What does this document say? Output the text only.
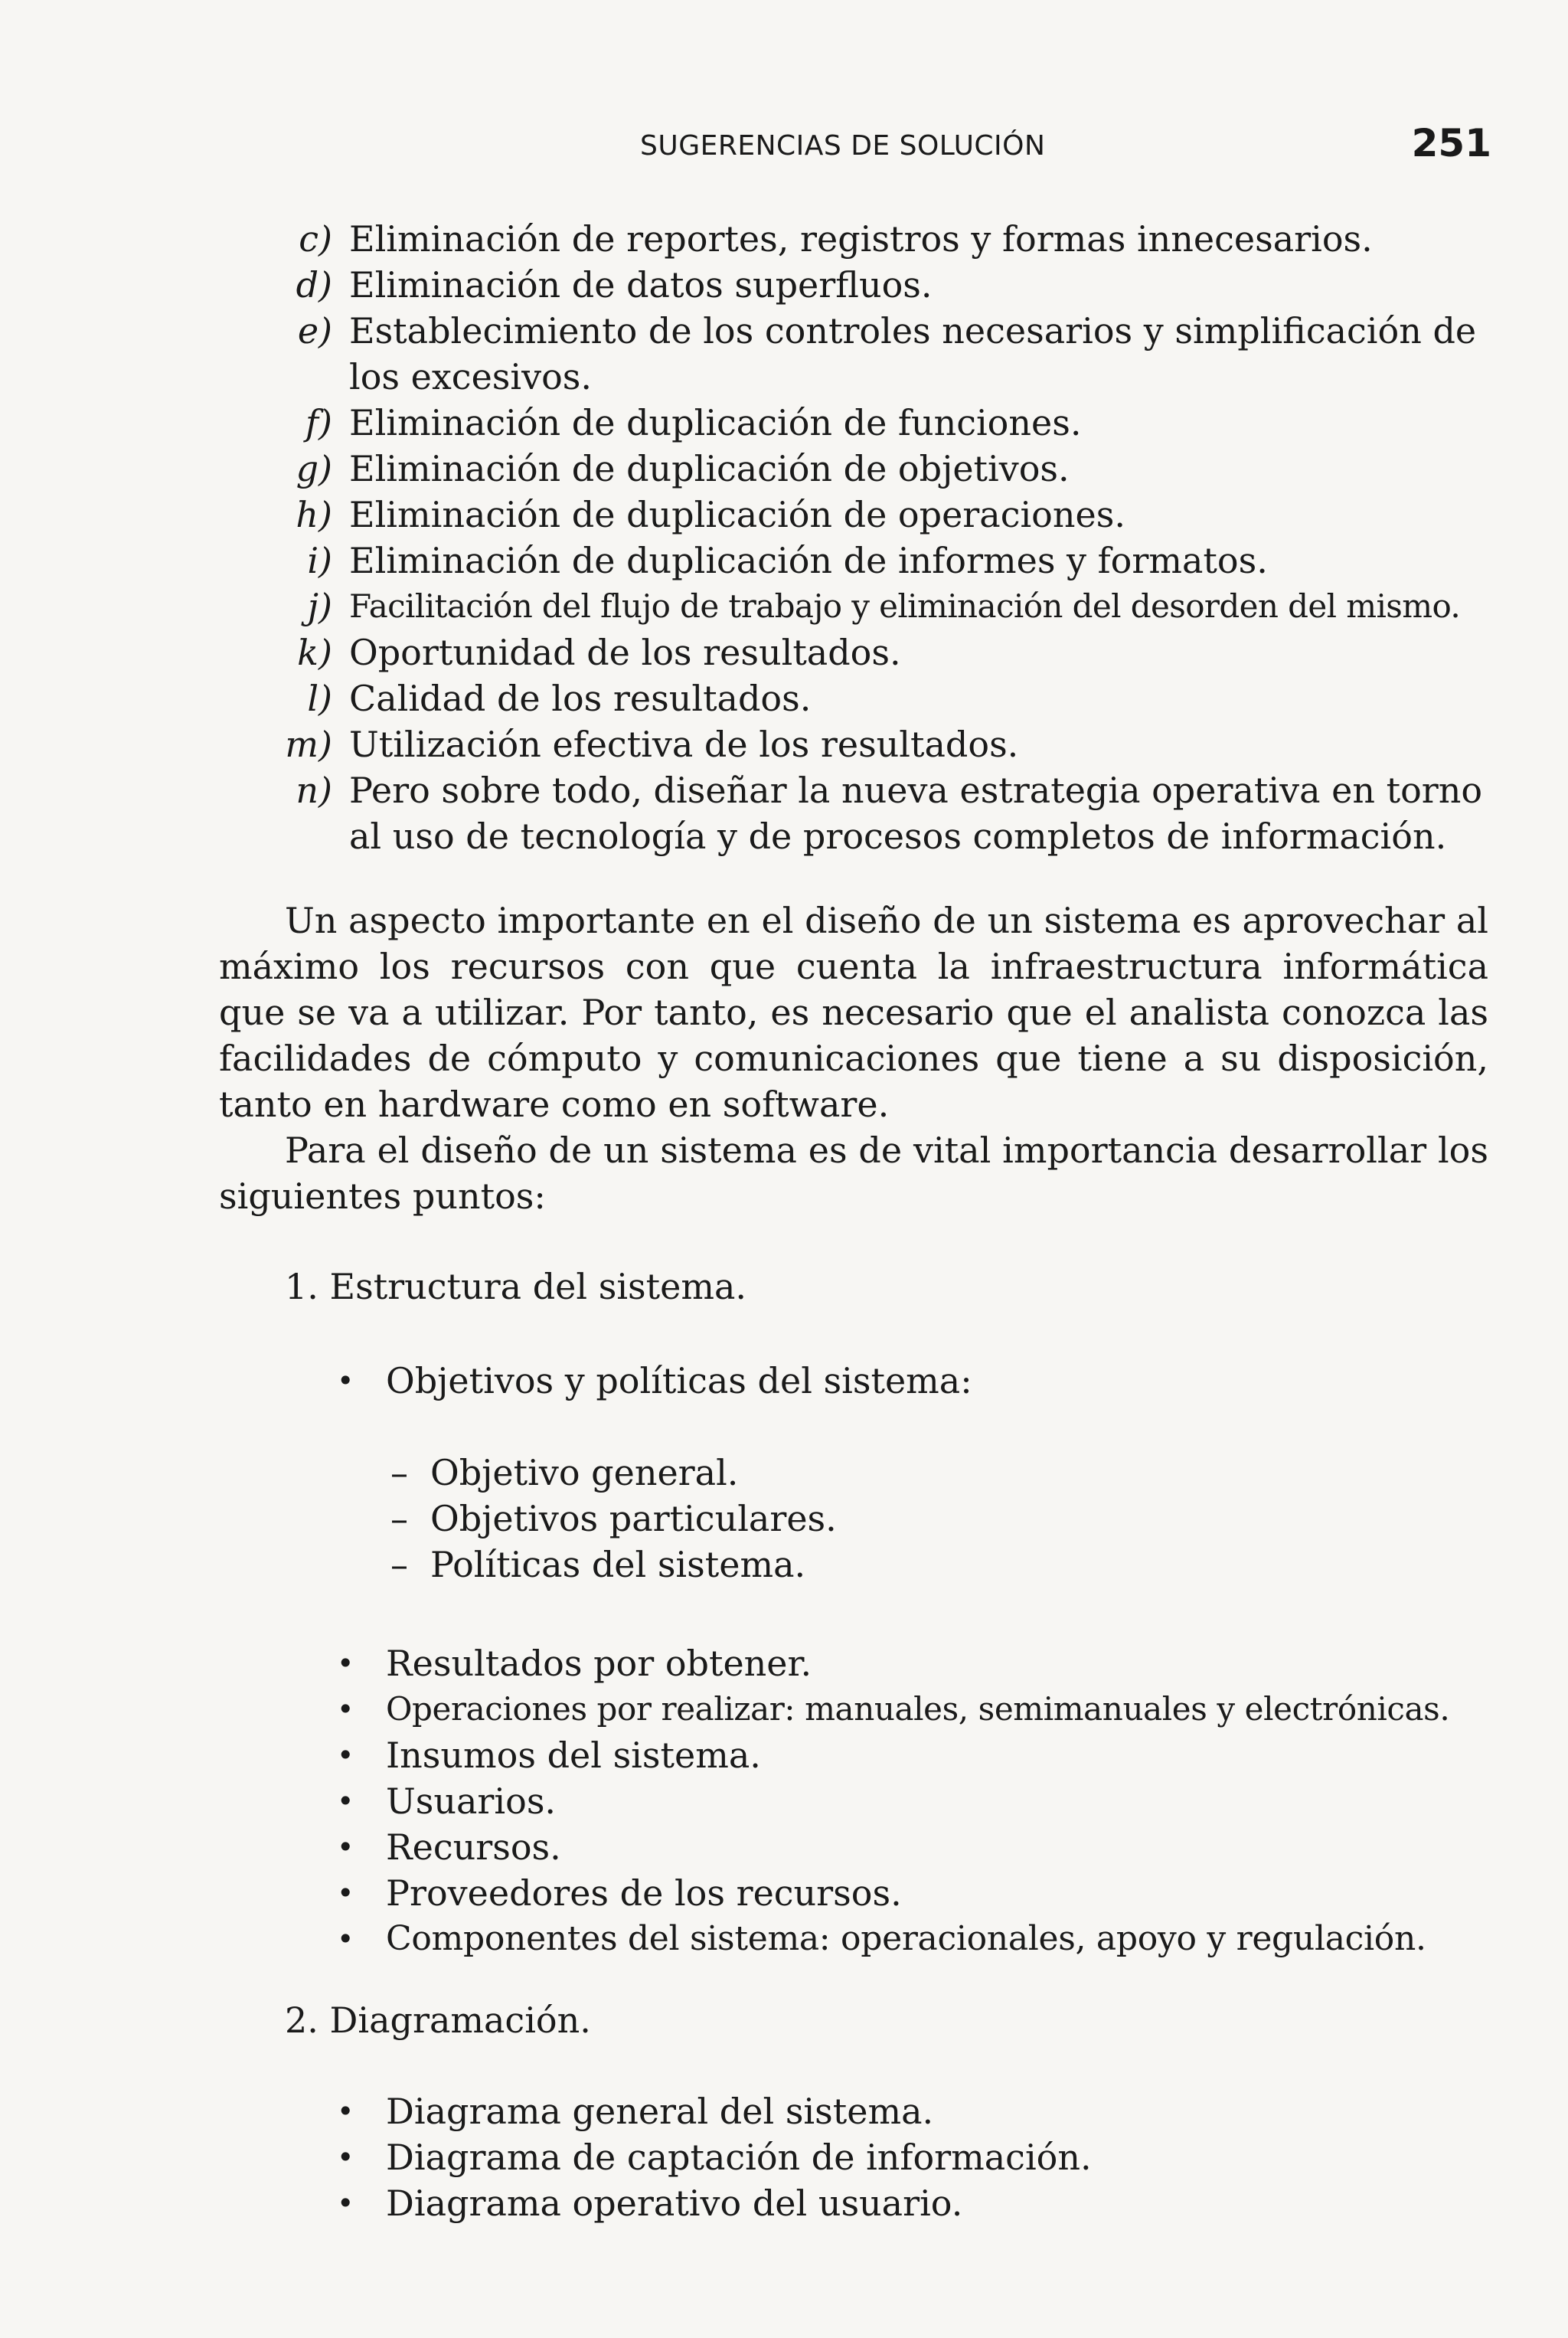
SUGERENCIAS DE SOLUCIÓN	251
c) Eliminación de reportes, registros y formas innecesarios.
d) Eliminación de datos superfluos.
e) Establecimiento de los controles necesarios y simplificación de los excesivos.
f) Eliminación de duplicación de funciones.
g) Eliminación de duplicación de objetivos.
h) Eliminación de duplicación de operaciones.
i) Eliminación de duplicación de informes y formatos.
j) Facilitación del flujo de trabajo y eliminación del desorden del mismo.
k) Oportunidad de los resultados.
l) Calidad de los resultados.
m) Utilización efectiva de los resultados.
n) Pero sobre todo, diseñar la nueva estrategia operativa en torno al uso de tecnología y de procesos completos de información.

Un aspecto importante en el diseño de un sistema es aprovechar al máximo los recursos con que cuenta la infraestructura informática que se va a utilizar. Por tanto, es necesario que el analista conozca las facilidades de cómputo y comunicaciones que tiene a su disposición, tanto en hardware como en software.

Para el diseño de un sistema es de vital importancia desarrollar los siguientes puntos:

1. Estructura del sistema.
• Objetivos y políticas del sistema:
– Objetivo general.
– Objetivos particulares.
– Políticas del sistema.
• Resultados por obtener.
• Operaciones por realizar: manuales, semimanuales y electrónicas.
• Insumos del sistema.
• Usuarios.
• Recursos.
• Proveedores de los recursos.
• Componentes del sistema: operacionales, apoyo y regulación.
2. Diagramación.
• Diagrama general del sistema.
• Diagrama de captación de información.
• Diagrama operativo del usuario.
